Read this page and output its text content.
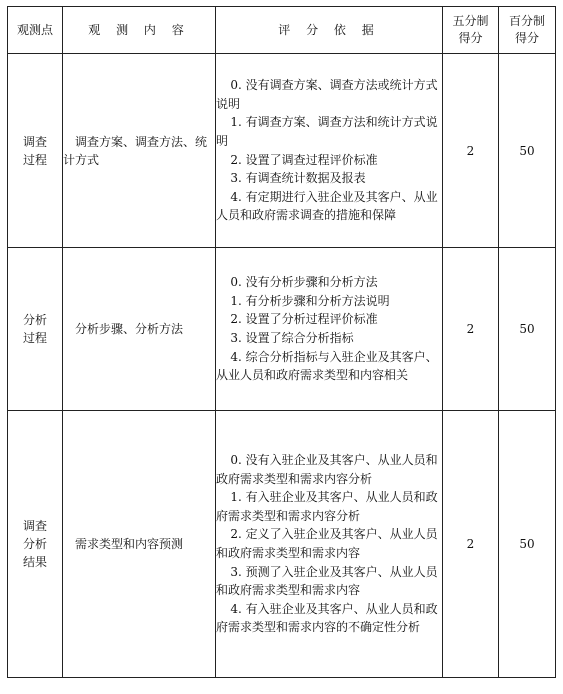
观测点	观 测 内 容	评 分 依 据	五分制得分	百分制得分

调查过程	调查方案、调查方法、统计方式	0. 没有调查方案、调查方法或统计方式说明
1. 有调查方案、调查方法和统计方式说明
2. 设置了调查过程评价标准
3. 有调查统计数据及报表
4. 有定期进行入驻企业及其客户、从业人员和政府需求调查的措施和保障	2	50

分析过程	分析步骤、分析方法	0. 没有分析步骤和分析方法
1. 有分析步骤和分析方法说明
2. 设置了分析过程评价标准
3. 设置了综合分析指标
4. 综合分析指标与入驻企业及其客户、从业人员和政府需求类型和内容相关	2	50

调查分析结果	需求类型和内容预测	0. 没有入驻企业及其客户、从业人员和政府需求类型和需求内容分析
1. 有入驻企业及其客户、从业人员和政府需求类型和需求内容分析
2. 定义了入驻企业及其客户、从业人员和政府需求类型和需求内容
3. 预测了入驻企业及其客户、从业人员和政府需求类型和需求内容
4. 有入驻企业及其客户、从业人员和政府需求类型和需求内容的不确定性分析	2	50
